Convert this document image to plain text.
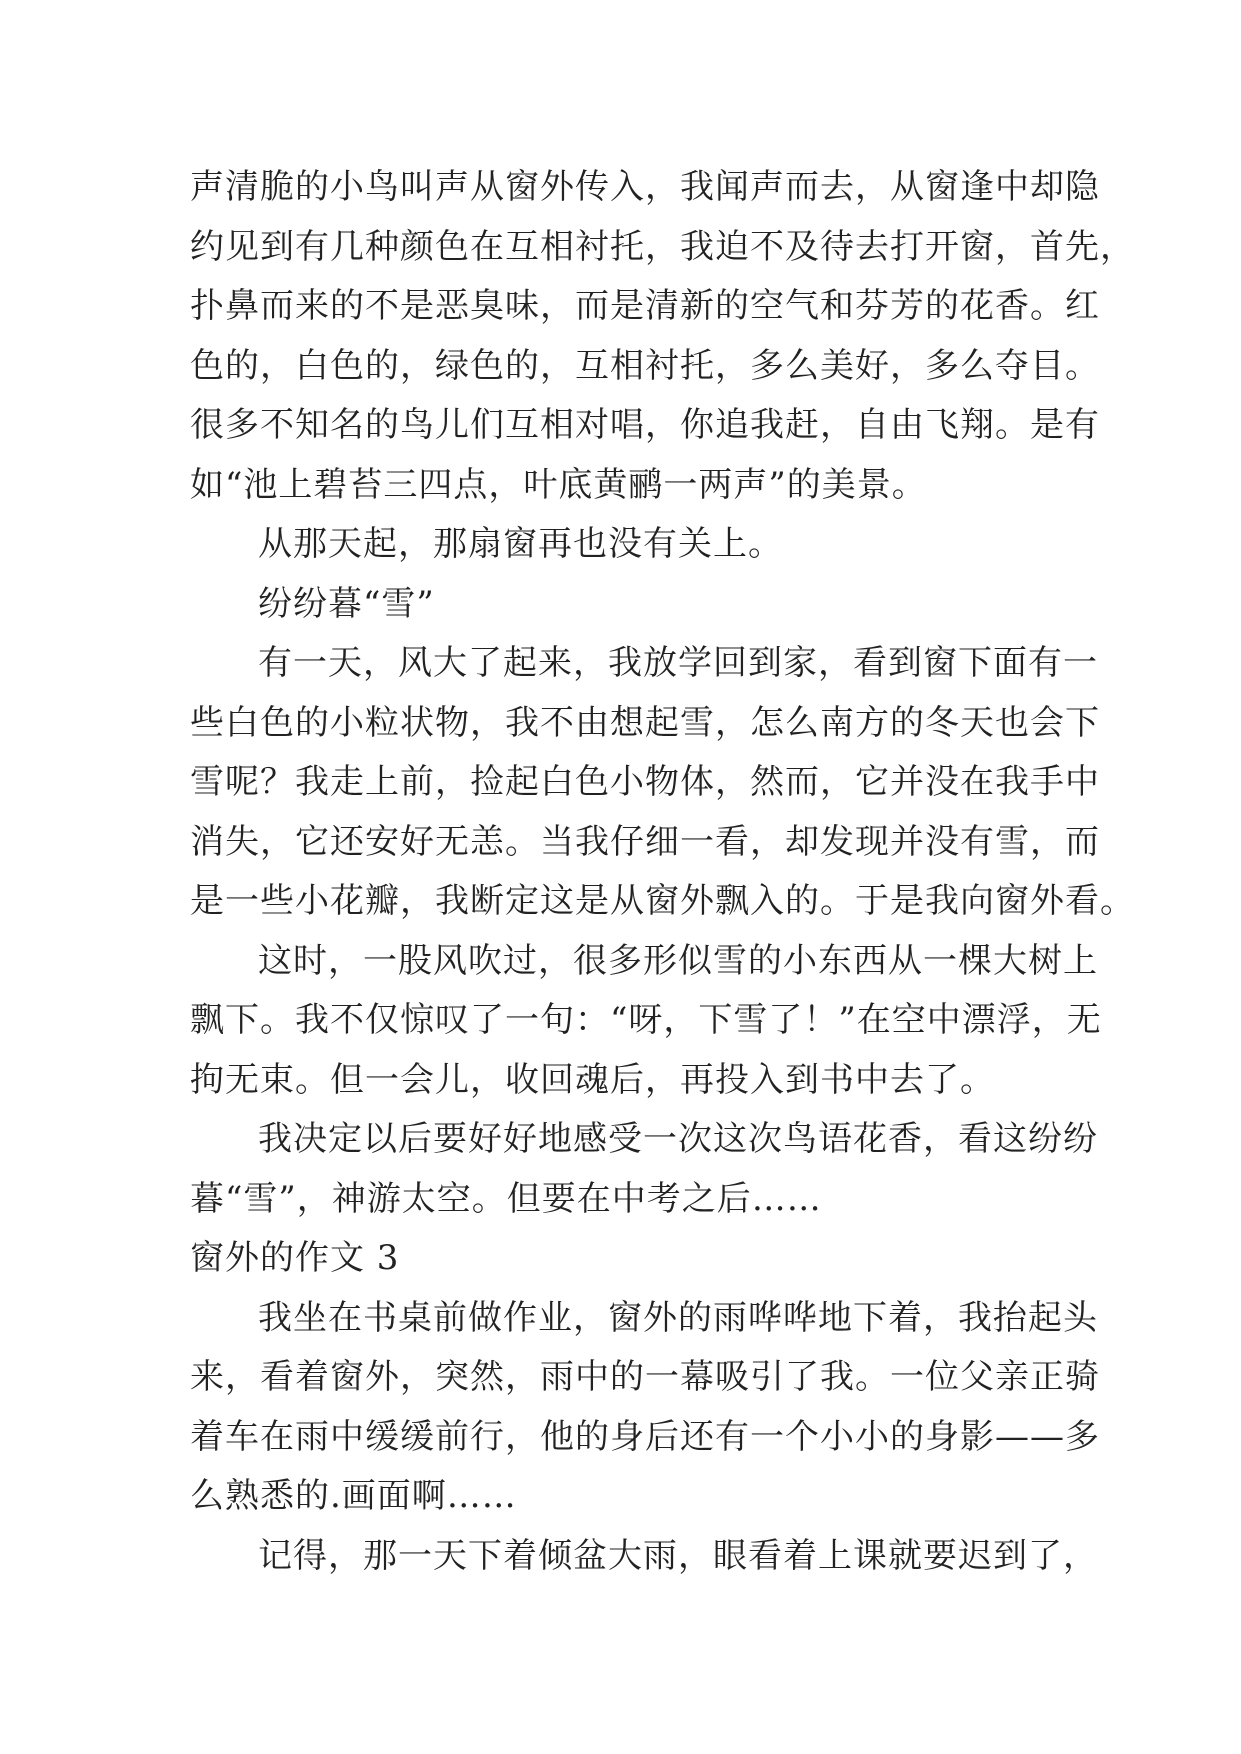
声清脆的小鸟叫声从窗外传入，我闻声而去，从窗逢中却隐
约见到有几种颜色在互相衬托，我迫不及待去打开窗，首先，
扑鼻而来的不是恶臭味，而是清新的空气和芬芳的花香。红
色的，白色的，绿色的，互相衬托，多么美好，多么夺目。
很多不知名的鸟儿们互相对唱，你追我赶，自由飞翔。是有
如“池上碧苔三四点，叶底黄鹂一两声”的美景。
从那天起，那扇窗再也没有关上。
纷纷暮“雪”
有一天，风大了起来，我放学回到家，看到窗下面有一
些白色的小粒状物，我不由想起雪，怎么南方的冬天也会下
雪呢？我走上前，捡起白色小物体，然而，它并没在我手中
消失，它还安好无恙。当我仔细一看，却发现并没有雪，而
是一些小花瓣，我断定这是从窗外飘入的。于是我向窗外看。
这时，一股风吹过，很多形似雪的小东西从一棵大树上
飘下。我不仅惊叹了一句：“呀，下雪了！”在空中漂浮，无
拘无束。但一会儿，收回魂后，再投入到书中去了。
我决定以后要好好地感受一次这次鸟语花香，看这纷纷
暮“雪”，神游太空。但要在中考之后……
窗外的作文 3
我坐在书桌前做作业，窗外的雨哗哗地下着，我抬起头
来，看着窗外，突然，雨中的一幕吸引了我。一位父亲正骑
着车在雨中缓缓前行，他的身后还有一个小小的身影——多
么熟悉的.画面啊……
记得，那一天下着倾盆大雨，眼看着上课就要迟到了，
